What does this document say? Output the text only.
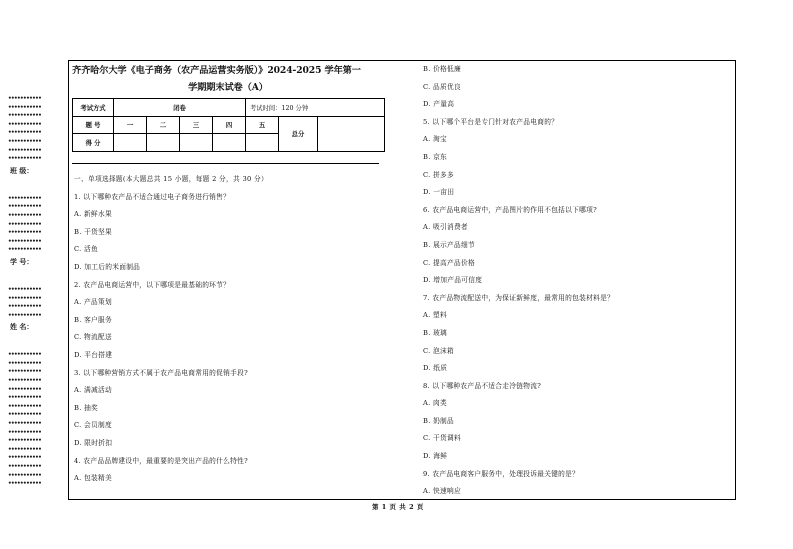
•••••••••••
•••••••••••
•••••••••••
•••••••••••
•••••••••••
•••••••••••
•••••••••••
•••••••••••
班 级：
•••••••••••
•••••••••••
•••••••••••
•••••••••••
•••••••••••
•••••••••••
•••••••••••
学 号：
•••••••••••
•••••••••••
•••••••••••
•••••••••••
姓 名：
•••••••••••
•••••••••••
•••••••••••
•••••••••••
•••••••••••
•••••••••••
•••••••••••
•••••••••••
•••••••••••
•••••••••••
•••••••••••
•••••••••••
•••••••••••
•••••••••••
•••••••••••
•••••••••••
齐齐哈尔大学《电子商务（农产品运营实务版）》2024-2025 学年第一
学期期末试卷（A）
考试方式	闭卷				考试时间：120 分钟		
题 号	一	二	三	四	五	总分	
得 分							
一、单项选择题(本大题总共 15 小题，每题 2 分，共 30 分）
1. 以下哪种农产品不适合通过电子商务进行销售？
A. 新鲜水果
B. 干货坚果
C. 活鱼
D. 加工后的米面制品
2. 农产品电商运营中，以下哪项是最基础的环节？
A. 产品策划
B. 客户服务
C. 物流配送
D. 平台搭建
3. 以下哪种营销方式不属于农产品电商常用的促销手段?
A. 满减活动
B. 抽奖
C. 会员制度
D. 限时折扣
4. 农产品品牌建设中，最重要的是突出产品的什么特性?
A. 包装精美
B. 价格低廉
C. 品质优良
D. 产量高
5. 以下哪个平台是专门针对农产品电商的？
A. 淘宝
B. 京东
C. 拼多多
D. 一亩田
6. 农产品电商运营中，产品图片的作用不包括以下哪项?
A. 吸引消费者
B. 展示产品细节
C. 提高产品价格
D. 增加产品可信度
7. 农产品物流配送中，为保证新鲜度，最常用的包装材料是？
A. 塑料
B. 玻璃
C. 泡沫箱
D. 纸质
8. 以下哪种农产品不适合走冷链物流?
A. 肉类
B. 奶制品
C. 干货调料
D. 海鲜
9. 农产品电商客户服务中，处理投诉最关键的是？
A. 快速响应
第 1 页 共 2 页
